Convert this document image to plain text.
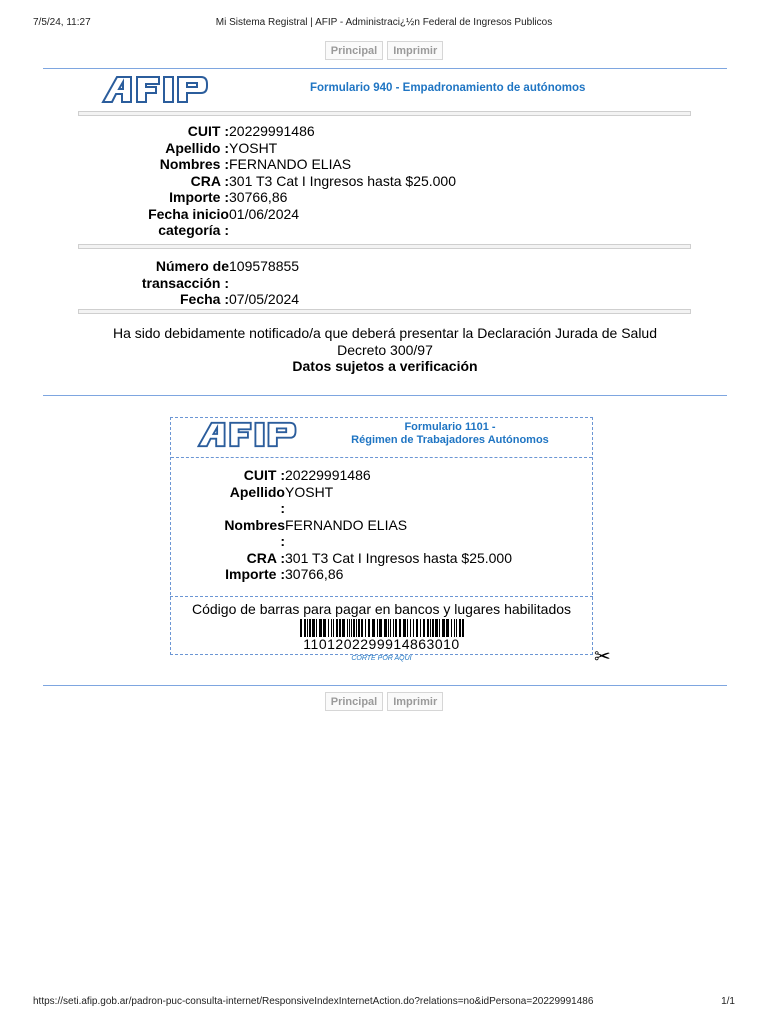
7/5/24, 11:27	Mi Sistema Registral | AFIP - Administraci¿½n Federal de Ingresos Publicos
Principal	Imprimir
Formulario 940 - Empadronamiento de autónomos
CUIT : 20229991486
Apellido : YOSHT
Nombres : FERNANDO ELIAS
CRA : 301 T3 Cat I Ingresos hasta $25.000
Importe : 30766,86
Fecha inicio 01/06/2024
categoría :
Número de 109578855
transacción :
Fecha : 07/05/2024
Ha sido debidamente notificado/a que deberá presentar la Declaración Jurada de Salud
Decreto 300/97
Datos sujetos a verificación
Formulario 1101 -
Régimen de Trabajadores Autónomos
CUIT : 20229991486
Apellido YOSHT
:
Nombres FERNANDO ELIAS
:
CRA : 301 T3 Cat I Ingresos hasta $25.000
Importe : 30766,86
Código de barras para pagar en bancos y lugares habilitados
1101202299914863010
CORTE POR AQUI	✂
Principal	Imprimir
https://seti.afip.gob.ar/padron-puc-consulta-internet/ResponsiveIndexInternetAction.do?relations=no&idPersona=20229991486	1/1
